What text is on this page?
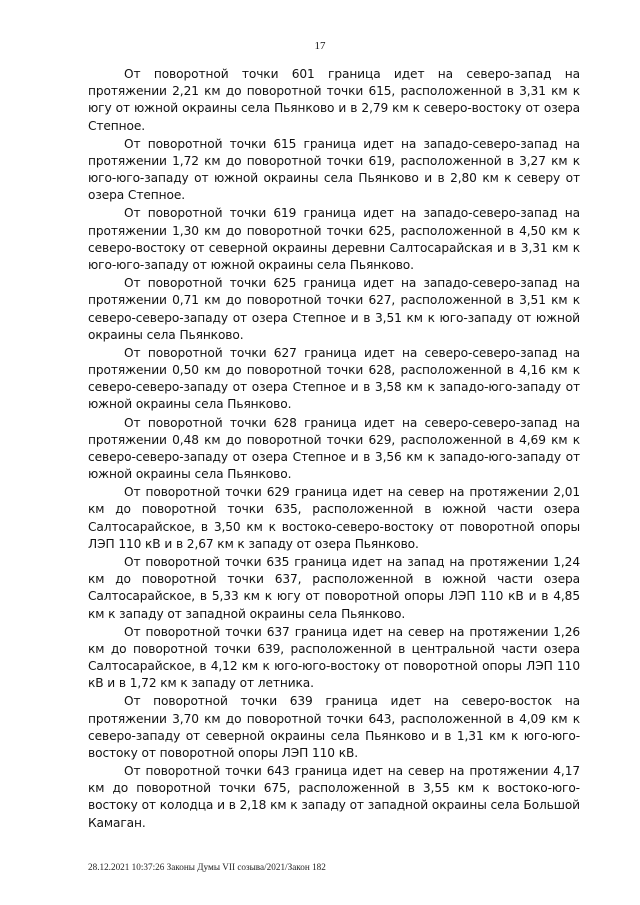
17

От поворотной точки 601 граница идет на северо-запад на протяжении 2,21 км до поворотной точки 615, расположенной в 3,31 км к югу от южной окраины села Пьянково и в 2,79 км к северо-востоку от озера Степное.

От поворотной точки 615 граница идет на западо-северо-запад на протяжении 1,72 км до поворотной точки 619, расположенной в 3,27 км к юго-юго-западу от южной окраины села Пьянково и в 2,80 км к северу от озера Степное.

От поворотной точки 619 граница идет на западо-северо-запад на протяжении 1,30 км до поворотной точки 625, расположенной в 4,50 км к северо-востоку от северной окраины деревни Салтосарайская и в 3,31 км к юго-юго-западу от южной окраины села Пьянково.

От поворотной точки 625 граница идет на западо-северо-запад на протяжении 0,71 км до поворотной точки 627, расположенной в 3,51 км к северо-северо-западу от озера Степное и в 3,51 км к юго-западу от южной окраины села Пьянково.

От поворотной точки 627 граница идет на северо-северо-запад на протяжении 0,50 км до поворотной точки 628, расположенной в 4,16 км к северо-северо-западу от озера Степное и в 3,58 км к западо-юго-западу от южной окраины села Пьянково.

От поворотной точки 628 граница идет на северо-северо-запад на протяжении 0,48 км до поворотной точки 629, расположенной в 4,69 км к северо-северо-западу от озера Степное и в 3,56 км к западо-юго-западу от южной окраины села Пьянково.

От поворотной точки 629 граница идет на север на протяжении 2,01 км до поворотной точки 635, расположенной в южной части озера Салтосарайское, в 3,50 км к востоко-северо-востоку от поворотной опоры ЛЭП 110 кВ и в 2,67 км к западу от озера Пьянково.

От поворотной точки 635 граница идет на запад на протяжении 1,24 км до поворотной точки 637, расположенной в южной части озера Салтосарайское, в 5,33 км к югу от поворотной опоры ЛЭП 110 кВ и в 4,85 км к западу от западной окраины села Пьянково.

От поворотной точки 637 граница идет на север на протяжении 1,26 км до поворотной точки 639, расположенной в центральной части озера Салтосарайское, в 4,12 км к юго-юго-востоку от поворотной опоры ЛЭП 110 кВ и в 1,72 км к западу от летника.

От поворотной точки 639 граница идет на северо-восток на протяжении 3,70 км до поворотной точки 643, расположенной в 4,09 км к северо-западу от северной окраины села Пьянково и в 1,31 км к юго-юго-востоку от поворотной опоры ЛЭП 110 кВ.

От поворотной точки 643 граница идет на север на протяжении 4,17 км до поворотной точки 675, расположенной в 3,55 км к востоко-юго-востоку от колодца и в 2,18 км к западу от западной окраины села Большой Камаган.

28.12.2021 10:37:26 Законы Думы VII созыва/2021/Закон 182
